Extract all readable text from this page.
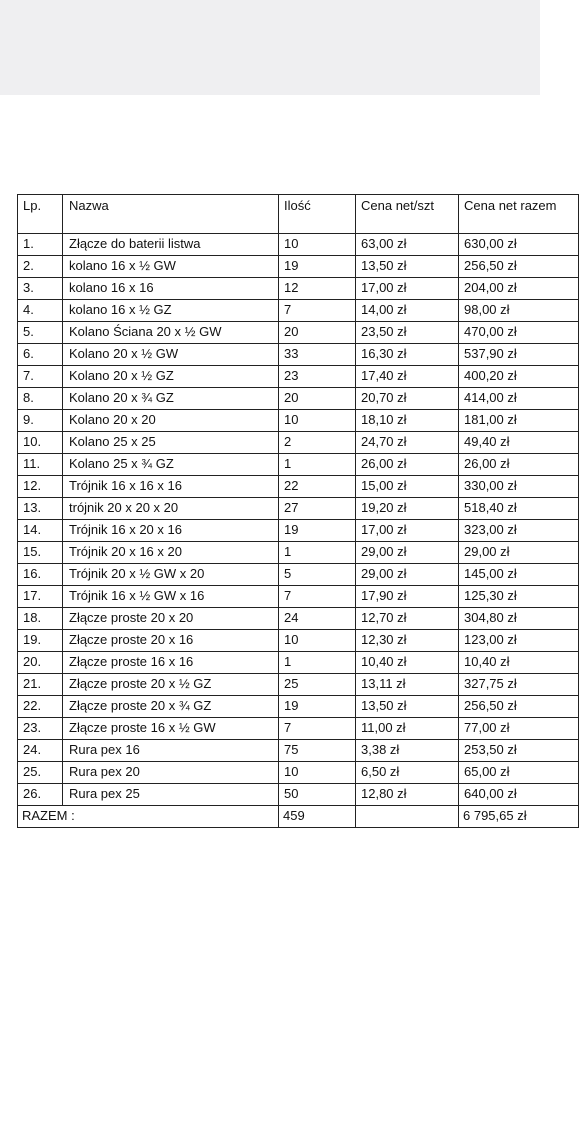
Lp.	Nazwa	Ilość	Cena net/szt	Cena net razem
1.	Złącze do baterii listwa	10	63,00 zł	630,00 zł
2.	kolano 16 x ½ GW	19	13,50 zł	256,50 zł
3.	kolano 16 x 16	12	17,00 zł	204,00 zł
4.	kolano 16 x ½ GZ	7	14,00 zł	98,00 zł
5.	Kolano Ściana 20 x ½ GW	20	23,50 zł	470,00 zł
6.	Kolano 20 x ½ GW	33	16,30 zł	537,90 zł
7.	Kolano 20 x ½ GZ	23	17,40 zł	400,20 zł
8.	Kolano 20 x ¾ GZ	20	20,70 zł	414,00 zł
9.	Kolano 20 x 20	10	18,10 zł	181,00 zł
10.	Kolano 25 x 25	2	24,70 zł	49,40 zł
11.	Kolano 25 x ¾ GZ	1	26,00 zł	26,00 zł
12.	Trójnik 16 x 16 x 16	22	15,00 zł	330,00 zł
13.	trójnik 20 x 20 x 20	27	19,20 zł	518,40 zł
14.	Trójnik 16 x 20 x 16	19	17,00 zł	323,00 zł
15.	Trójnik 20 x 16 x 20	1	29,00 zł	29,00 zł
16.	Trójnik 20 x ½ GW x 20	5	29,00 zł	145,00 zł
17.	Trójnik 16 x ½ GW x 16	7	17,90 zł	125,30 zł
18.	Złącze proste 20 x 20	24	12,70 zł	304,80 zł
19.	Złącze proste 20 x 16	10	12,30 zł	123,00 zł
20.	Złącze proste 16 x 16	1	10,40 zł	10,40 zł
21.	Złącze proste 20 x ½ GZ	25	13,11 zł	327,75 zł
22.	Złącze proste 20 x ¾ GZ	19	13,50 zł	256,50 zł
23.	Złącze proste 16 x ½ GW	7	11,00 zł	77,00 zł
24.	Rura pex 16	75	3,38 zł	253,50 zł
25.	Rura pex 20	10	6,50 zł	65,00 zł
26.	Rura pex 25	50	12,80 zł	640,00 zł
RAZEM :		459		6 795,65 zł
